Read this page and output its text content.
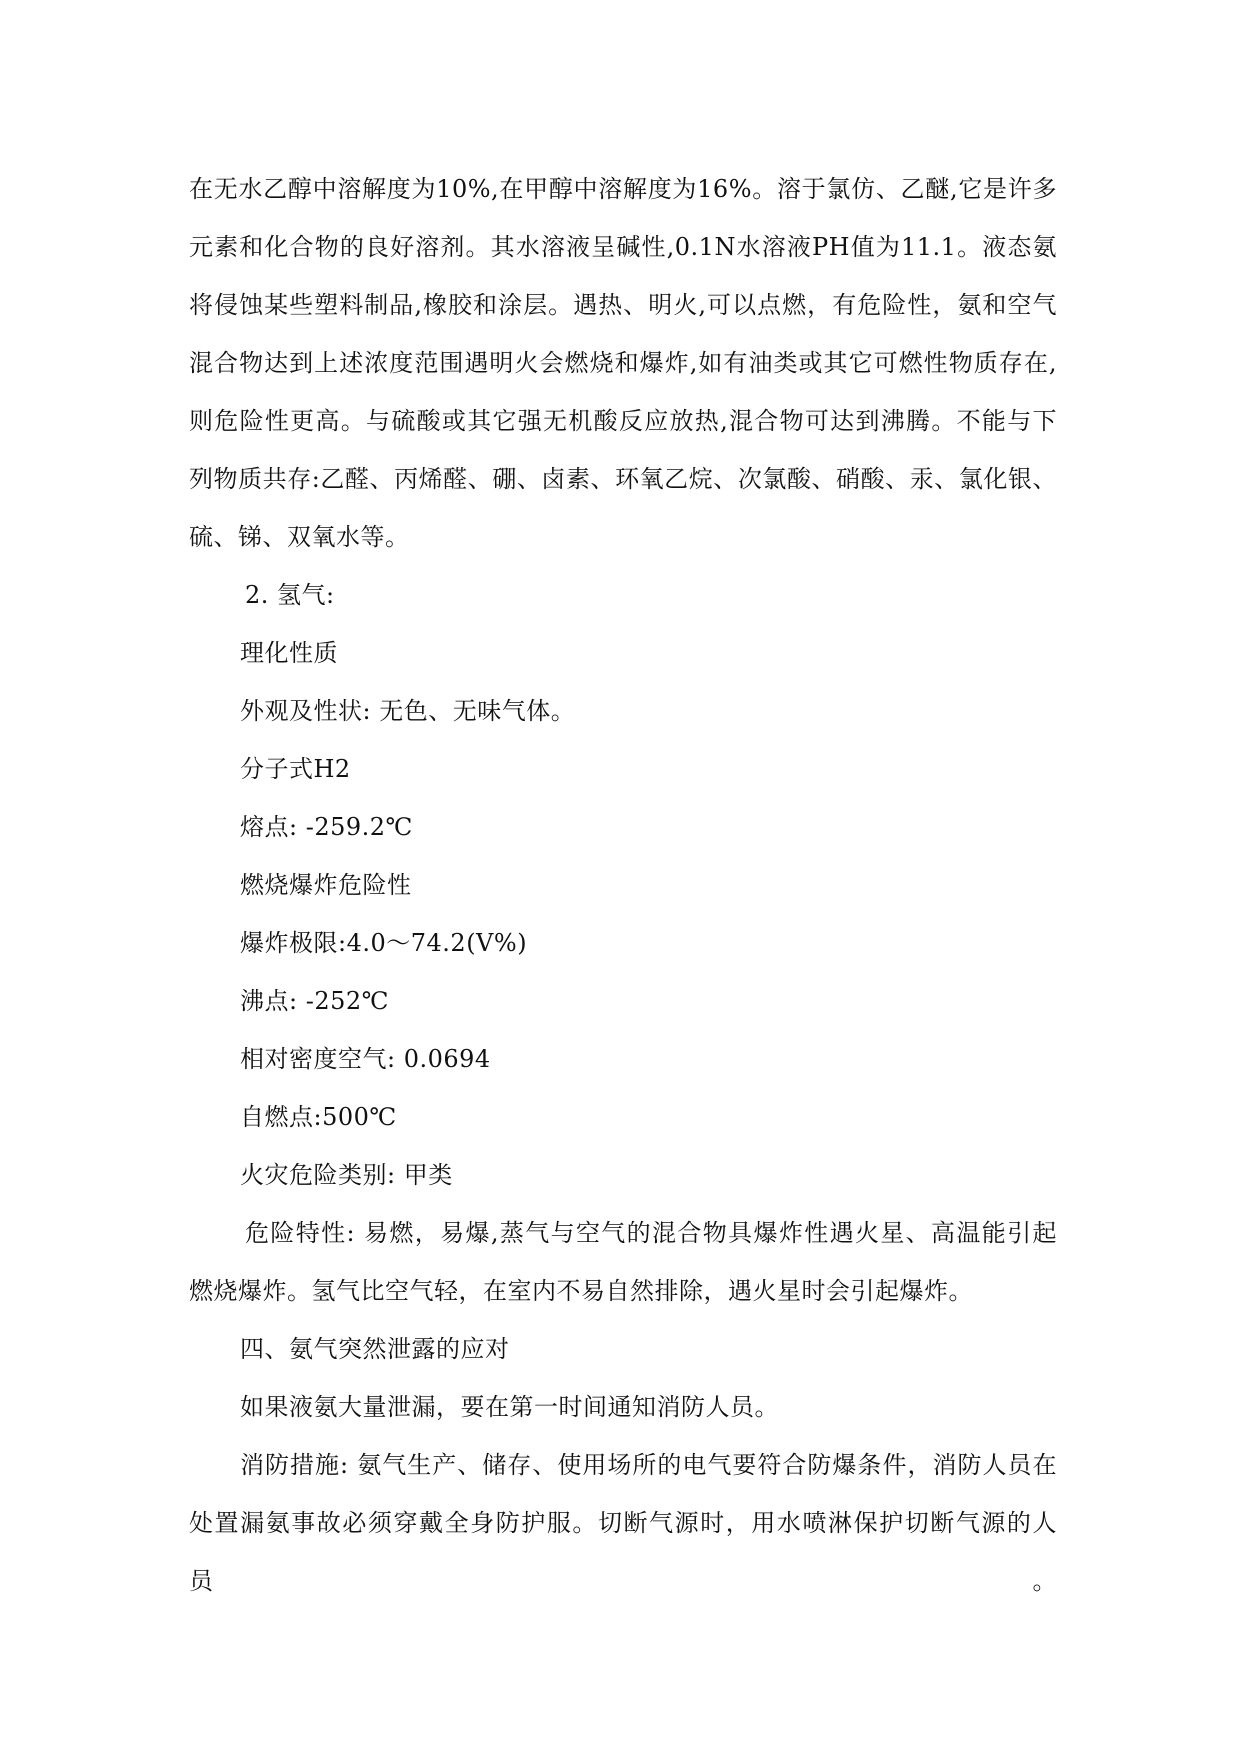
在无水乙醇中溶解度为10%,在甲醇中溶解度为16%。溶于氯仿、乙醚,它是许多
元素和化合物的良好溶剂。其水溶液呈碱性,0.1N水溶液PH值为11.1。液态氨
将侵蚀某些塑料制品,橡胶和涂层。遇热、明火,可以点燃，有危险性，氨和空气
混合物达到上述浓度范围遇明火会燃烧和爆炸,如有油类或其它可燃性物质存在,
则危险性更高。与硫酸或其它强无机酸反应放热,混合物可达到沸腾。不能与下
列物质共存:乙醛、丙烯醛、硼、卤素、环氧乙烷、次氯酸、硝酸、汞、氯化银、
硫、锑、双氧水等。
2. 氢气:
理化性质
外观及性状: 无色、无味气体。
分子式H2
熔点: -259.2℃
燃烧爆炸危险性
爆炸极限:4.0～74.2(V%)
沸点: -252℃
相对密度空气: 0.0694
自燃点:500℃
火灾危险类别: 甲类
危险特性: 易燃，易爆,蒸气与空气的混合物具爆炸性遇火星、高温能引起
燃烧爆炸。氢气比空气轻，在室内不易自然排除，遇火星时会引起爆炸。
四、氨气突然泄露的应对
如果液氨大量泄漏，要在第一时间通知消防人员。
消防措施: 氨气生产、储存、使用场所的电气要符合防爆条件，消防人员在
处置漏氨事故必须穿戴全身防护服。切断气源时，用水喷淋保护切断气源的人员。
